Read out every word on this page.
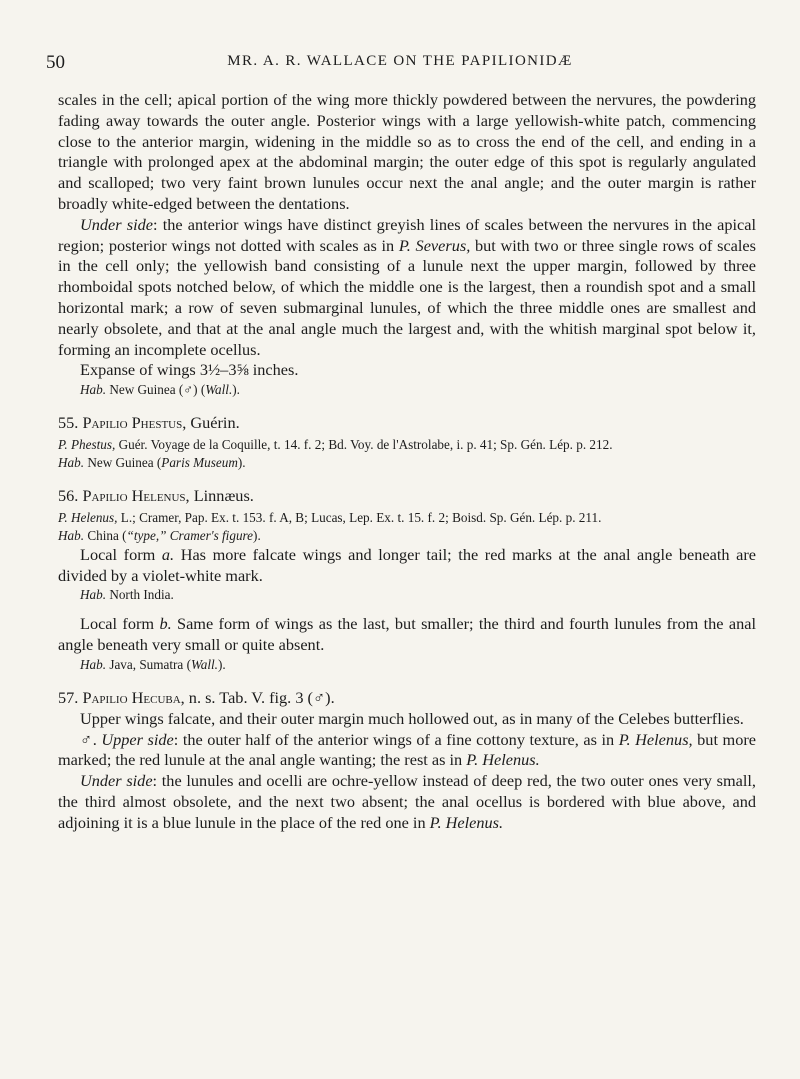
50	MR. A. R. WALLACE ON THE PAPILIONIDÆ

scales in the cell; apical portion of the wing more thickly powdered between the nervures, the powdering fading away towards the outer angle. Posterior wings with a large yellowish-white patch, commencing close to the anterior margin, widening in the middle so as to cross the end of the cell, and ending in a triangle with prolonged apex at the abdominal margin; the outer edge of this spot is regularly angulated and scalloped; two very faint brown lunules occur next the anal angle; and the outer margin is rather broadly white-edged between the dentations.

Under side: the anterior wings have distinct greyish lines of scales between the nervures in the apical region; posterior wings not dotted with scales as in P. Severus, but with two or three single rows of scales in the cell only; the yellowish band consisting of a lunule next the upper margin, followed by three rhomboidal spots notched below, of which the middle one is the largest, then a roundish spot and a small horizontal mark; a row of seven submarginal lunules, of which the three middle ones are smallest and nearly obsolete, and that at the anal angle much the largest and, with the whitish marginal spot below it, forming an incomplete ocellus.

Expanse of wings 3½–3⅝ inches.

Hab. New Guinea (♂) (Wall.).

55. Papilio Phestus, Guérin.

P. Phestus, Guér. Voyage de la Coquille, t. 14. f. 2; Bd. Voy. de l'Astrolabe, i. p. 41; Sp. Gén. Lép. p. 212.

Hab. New Guinea (Paris Museum).

56. Papilio Helenus, Linnæus.

P. Helenus, L.; Cramer, Pap. Ex. t. 153. f. A, B; Lucas, Lep. Ex. t. 15. f. 2; Boisd. Sp. Gén. Lép. p. 211.

Hab. China (“type,” Cramer's figure).

Local form a. Has more falcate wings and longer tail; the red marks at the anal angle beneath are divided by a violet-white mark.

Hab. North India.

Local form b. Same form of wings as the last, but smaller; the third and fourth lunules from the anal angle beneath very small or quite absent.

Hab. Java, Sumatra (Wall.).

57. Papilio Hecuba, n. s. Tab. V. fig. 3 (♂).

Upper wings falcate, and their outer margin much hollowed out, as in many of the Celebes butterflies.

♂. Upper side: the outer half of the anterior wings of a fine cottony texture, as in P. Helenus, but more marked; the red lunule at the anal angle wanting; the rest as in P. Helenus.

Under side: the lunules and ocelli are ochre-yellow instead of deep red, the two outer ones very small, the third almost obsolete, and the next two absent; the anal ocellus is bordered with blue above, and adjoining it is a blue lunule in the place of the red one in P. Helenus.
